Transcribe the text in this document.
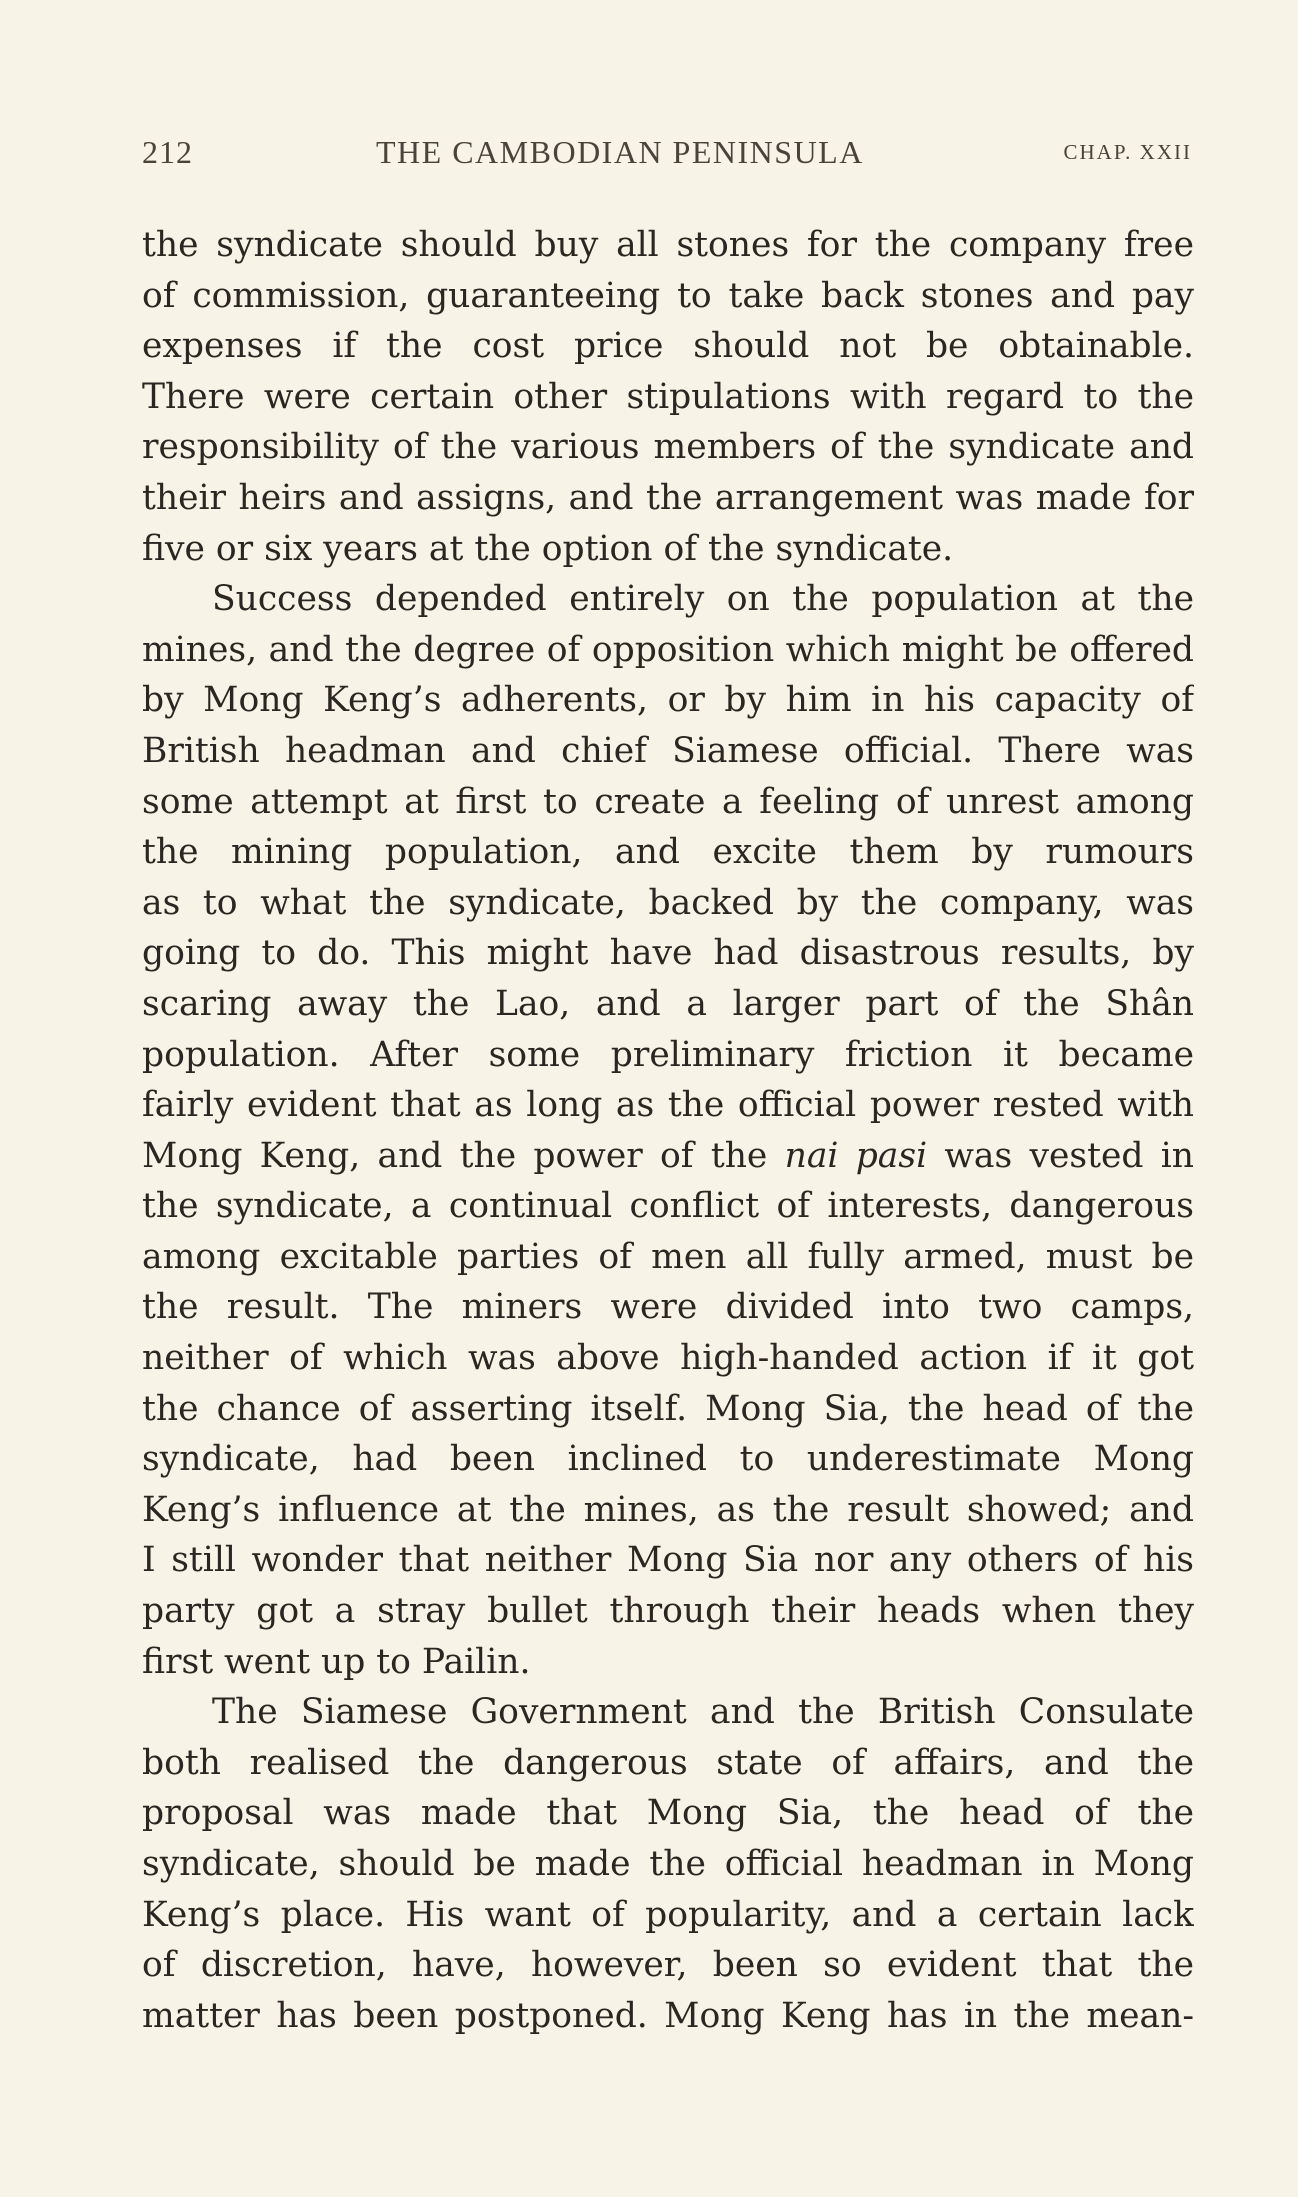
212	THE CAMBODIAN PENINSULA	CHAP. XXII
the syndicate should buy all stones for the company free
of commission, guaranteeing to take back stones and pay
expenses if the cost price should not be obtainable.
There were certain other stipulations with regard to the
responsibility of the various members of the syndicate and
their heirs and assigns, and the arrangement was made for
five or six years at the option of the syndicate.
Success depended entirely on the population at the
mines, and the degree of opposition which might be offered
by Mong Keng’s adherents, or by him in his capacity of
British headman and chief Siamese official. There was
some attempt at first to create a feeling of unrest among
the mining population, and excite them by rumours
as to what the syndicate, backed by the company, was
going to do. This might have had disastrous results, by
scaring away the Lao, and a larger part of the Shân
population. After some preliminary friction it became
fairly evident that as long as the official power rested with
Mong Keng, and the power of the nai pasi was vested in
the syndicate, a continual conflict of interests, dangerous
among excitable parties of men all fully armed, must be
the result. The miners were divided into two camps,
neither of which was above high-handed action if it got
the chance of asserting itself. Mong Sia, the head of the
syndicate, had been inclined to underestimate Mong
Keng’s influence at the mines, as the result showed; and
I still wonder that neither Mong Sia nor any others of his
party got a stray bullet through their heads when they
first went up to Pailin.
The Siamese Government and the British Consulate
both realised the dangerous state of affairs, and the
proposal was made that Mong Sia, the head of the
syndicate, should be made the official headman in Mong
Keng’s place. His want of popularity, and a certain lack
of discretion, have, however, been so evident that the
matter has been postponed. Mong Keng has in the mean-
